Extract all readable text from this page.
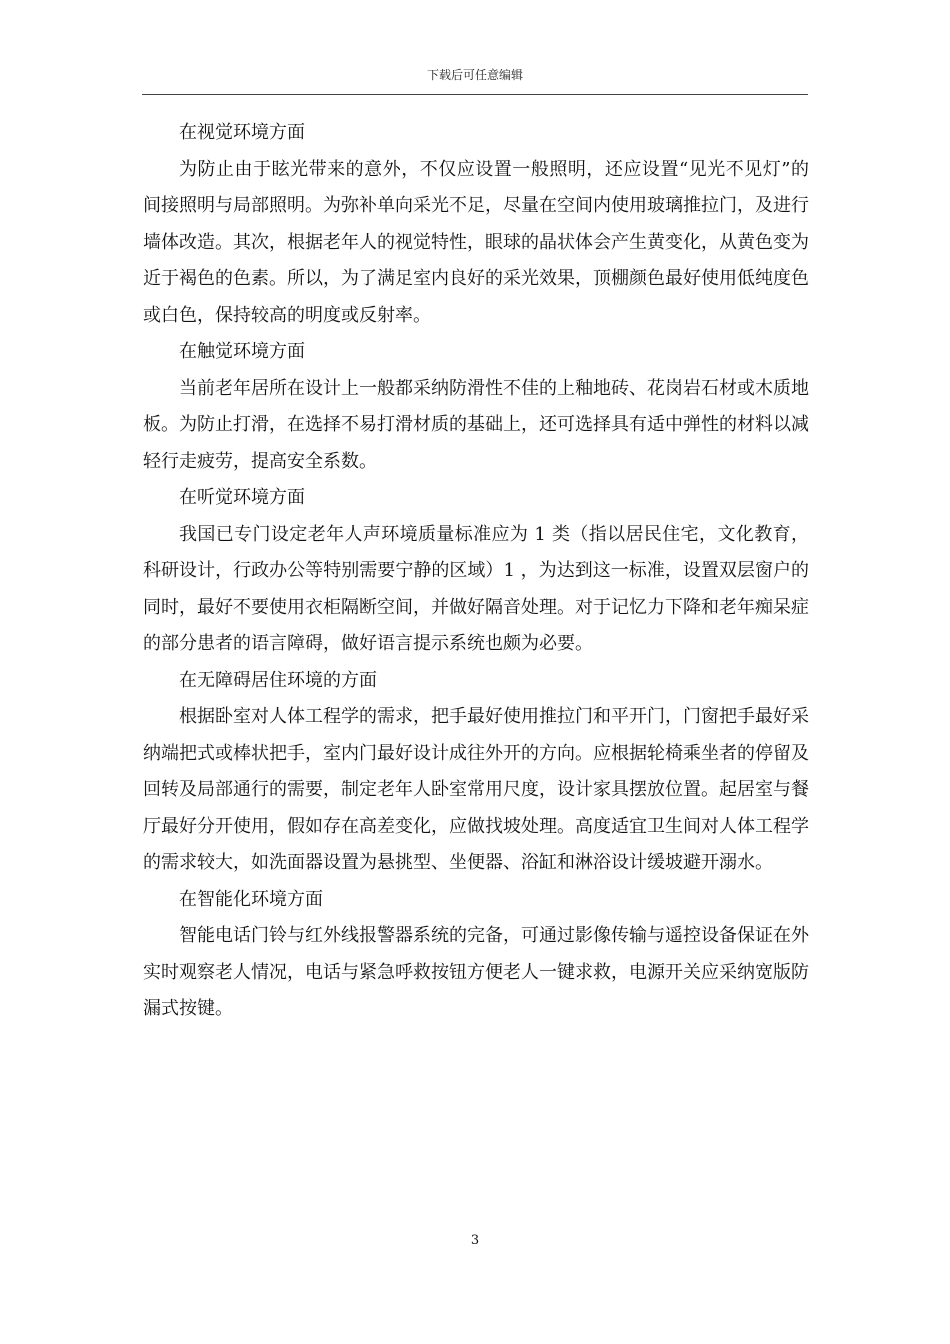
下载后可任意编辑

在视觉环境方面

为防止由于眩光带来的意外，不仅应设置一般照明，还应设置“见光不见灯”的间接照明与局部照明。为弥补单向采光不足，尽量在空间内使用玻璃推拉门，及进行墙体改造。其次，根据老年人的视觉特性，眼球的晶状体会产生黄变化，从黄色变为近于褐色的色素。所以，为了满足室内良好的采光效果，顶棚颜色最好使用低纯度色或白色，保持较高的明度或反射率。

在触觉环境方面

当前老年居所在设计上一般都采纳防滑性不佳的上釉地砖、花岗岩石材或木质地板。为防止打滑，在选择不易打滑材质的基础上，还可选择具有适中弹性的材料以减轻行走疲劳，提高安全系数。

在听觉环境方面

我国已专门设定老年人声环境质量标准应为 1 类（指以居民住宅，文化教育，科研设计，行政办公等特别需要宁静的区域）1 ，为达到这一标准，设置双层窗户的同时，最好不要使用衣柜隔断空间，并做好隔音处理。对于记忆力下降和老年痴呆症的部分患者的语言障碍，做好语言提示系统也颇为必要。

在无障碍居住环境的方面

根据卧室对人体工程学的需求，把手最好使用推拉门和平开门，门窗把手最好采纳端把式或棒状把手，室内门最好设计成往外开的方向。应根据轮椅乘坐者的停留及回转及局部通行的需要，制定老年人卧室常用尺度，设计家具摆放位置。起居室与餐厅最好分开使用，假如存在高差变化，应做找坡处理。高度适宜卫生间对人体工程学的需求较大，如洗面器设置为悬挑型、坐便器、浴缸和淋浴设计缓坡避开溺水。

在智能化环境方面

智能电话门铃与红外线报警器系统的完备，可通过影像传输与遥控设备保证在外实时观察老人情况，电话与紧急呼救按钮方便老人一键求救，电源开关应采纳宽版防漏式按键。

3
